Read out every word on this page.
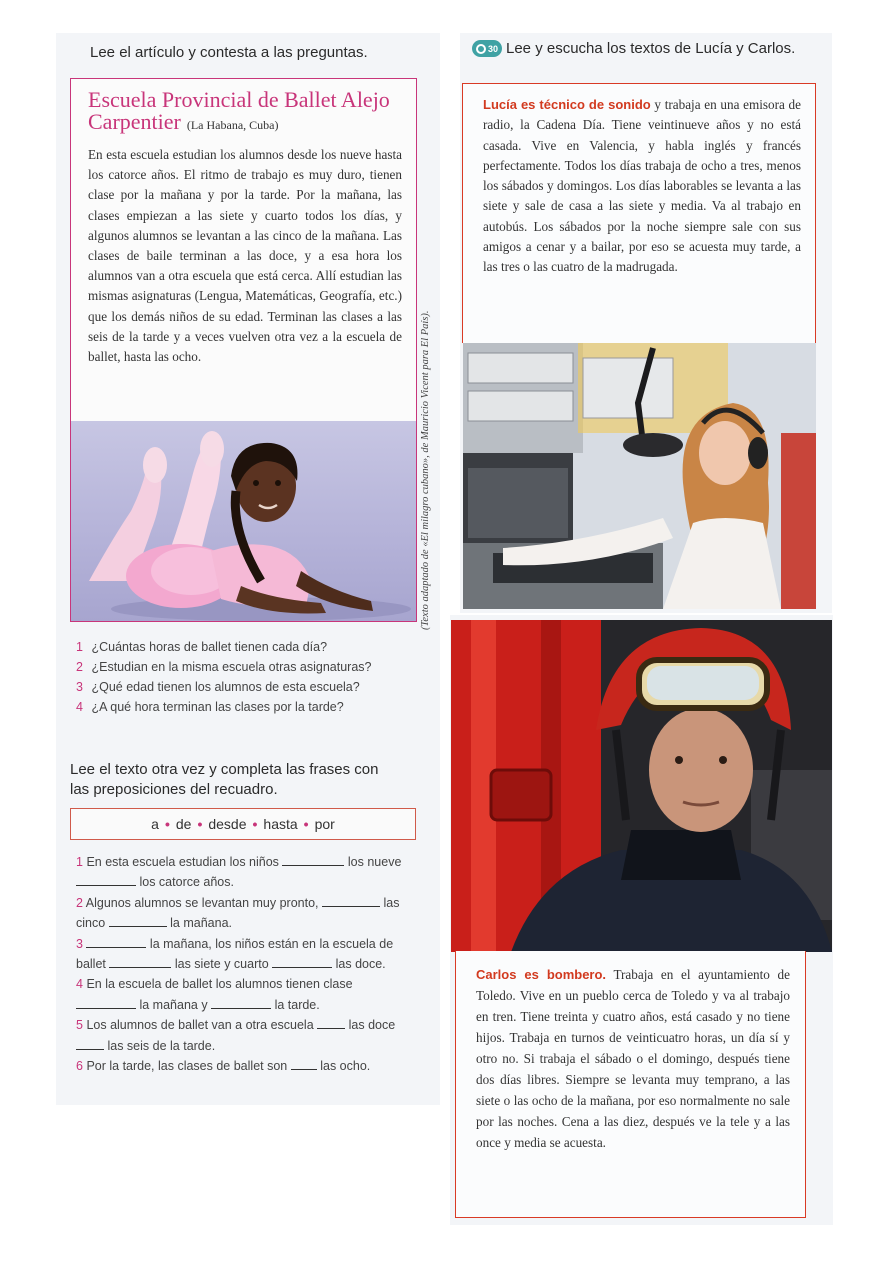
Lee el artículo y contesta a las preguntas.
Escuela Provincial de Ballet Alejo Carpentier (La Habana, Cuba)
En esta escuela estudian los alumnos desde los nueve hasta los catorce años. El ritmo de trabajo es muy duro, tienen clase por la mañana y por la tarde. Por la mañana, las clases empiezan a las siete y cuarto todos los días, y algunos alumnos se levantan a las cinco de la mañana. Las clases de baile terminan a las doce, y a esa hora los alumnos van a otra escuela que está cerca. Allí estudian las mismas asignaturas (Lengua, Matemáticas, Geografía, etc.) que los demás niños de su edad. Terminan las clases a las seis de la tarde y a veces vuelven otra vez a la escuela de ballet, hasta las ocho.	(Texto adaptado de «El milagro cubano», de Mauricio Vicent para El País).
1 ¿Cuántas horas de ballet tienen cada día?
2 ¿Estudian en la misma escuela otras asignaturas?
3 ¿Qué edad tienen los alumnos de esta escuela?
4 ¿A qué hora terminan las clases por la tarde?
Lee el texto otra vez y completa las frases con las preposiciones del recuadro.
a • de • desde • hasta • por
1 En esta escuela estudian los niños	los nueve  los catorce años.
2 Algunos alumnos se levantan muy pronto,	las cinco	la mañana.
3	la mañana, los niños están en la escuela de ballet	las siete y cuarto	las doce.
4 En la escuela de ballet los alumnos tienen clase  la mañana y	la tarde.
5 Los alumnos de ballet van a otra escuela	las doce  las seis de la tarde.
6 Por la tarde, las clases de ballet son	las ocho.
30 Lee y escucha los textos de Lucía y Carlos.
Lucía es técnico de sonido y trabaja en una emisora de radio, la Cadena Día. Tiene veintinueve años y no está casada. Vive en Valencia, y habla inglés y francés perfectamente. Todos los días trabaja de ocho a tres, menos los sábados y domingos. Los días laborables se levanta a las siete y sale de casa a las siete y media. Va al trabajo en autobús. Los sábados por la noche siempre sale con sus amigos a cenar y a bailar, por eso se acuesta muy tarde, a las tres o las cuatro de la madrugada.
Carlos es bombero. Trabaja en el ayuntamiento de Toledo. Vive en un pueblo cerca de Toledo y va al trabajo en tren. Tiene treinta y cuatro años, está casado y no tiene hijos. Trabaja en turnos de veinticuatro horas, un día sí y otro no. Si trabaja el sábado o el domingo, después tiene dos días libres. Siempre se levanta muy temprano, a las siete o las ocho de la mañana, por eso normalmente no sale por las noches. Cena a las diez, después ve la tele y a las once y media se acuesta.
